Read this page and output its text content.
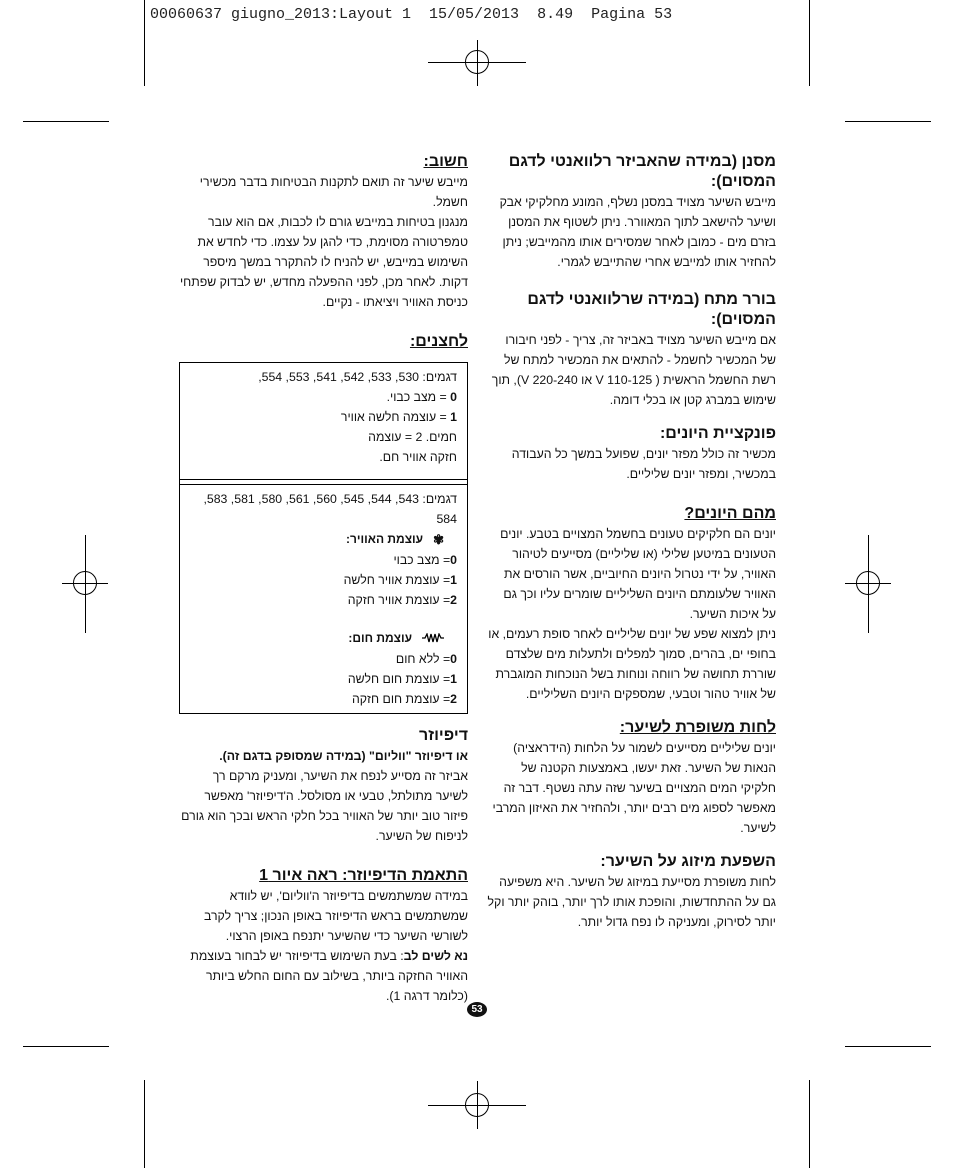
00060637 giugno_2013:Layout 1  15/05/2013  8.49  Pagina 53

מסנן (במידה שהאביזר רלוואנטי לדגם המסוים):

מייבש השיער מצויד במסנן נשלף, המונע מחלקיקי אבק ושיער להישאב לתוך המאוורר. ניתן לשטוף את המסנן בזרם מים - כמובן לאחר שמסירים אותו מהמייבש; ניתן להחזיר אותו למייבש אחרי שהתייבש לגמרי.

בורר מתח (במידה שרלוואנטי לדגם המסוים):

אם מייבש השיער מצויד באביזר זה, צריך - לפני חיבורו של המכשיר לחשמל - להתאים את המכשיר למתח של רשת החשמל הראשית ( 110-125 V או 220-240 V), תוך שימוש במברג קטן או בכלי דומה.

פונקציית היונים:

מכשיר זה כולל מפזר יונים, שפועל במשך כל העבודה במכשיר, ומפזר יונים שליליים.

מהם היונים?

יונים הם חלקיקים טעונים בחשמל המצויים בטבע. יונים הטעונים במיטען שלילי (או שליליים) מסייעים לטיהור האוויר, על ידי נטרול היונים החיוביים, אשר הורסים את האוויר שלעומתם היונים השליליים שומרים עליו וכך גם על איכות השיער.

ניתן למצוא שפע של יונים שליליים לאחר סופת רעמים, או בחופי ים, בהרים, סמוך למפלים ולתעלות מים שלצדם שוררת תחושה של רווחה ונוחות בשל הנוכחות המוגברת של אוויר טהור וטבעי, שמספקים היונים השליליים.

לחות משופרת לשיער:

יונים שליליים מסייעים לשמור על הלחות (הידראציה) הנאות של השיער. זאת יעשו, באמצעות הקטנה של חלקיקי המים המצויים בשיער שזה עתה נשטף. דבר זה מאפשר לספוג מים רבים יותר, ולהחזיר את האיזון המרבי לשיער.

השפעת מיזוג על השיער:

לחות משופרת מסייעת במיזוג של השיער. היא משפיעה גם על ההתחדשות, והופכת אותו לרך יותר, בוהק יותר וקל יותר לסירוק, ומעניקה לו נפח גדול יותר.

חשוב:

מייבש שיער זה תואם לתקנות הבטיחות בדבר מכשירי חשמל.

מנגנון בטיחות במייבש גורם לו לכבות, אם הוא עובר טמפרטורה מסוימת, כדי להגן על עצמו. כדי לחדש את השימוש במייבש, יש להניח לו להתקרר במשך מיספר דקות. לאחר מכן, לפני ההפעלה מחדש, יש לבדוק שפתחי כניסת האוויר ויציאתו - נקיים.

לחצנים:

דגמים: 530, 533, 542, 541, 553, 554,

0 = מצב כבוי.

1 = עוצמה חלשה אוויר

חמים. 2 = עוצמה

חזקה אוויר חם.

דגמים: 543, 544, 545, 560, 561, 580, 581, 583, 584

✾עוצמת האוויר:

0= מצב כבוי

1= עוצמת אוויר חלשה

2= עוצמת אוויר חזקה

עוצמת חום:

0= ללא חום

1= עוצמת חום חלשה

2= עוצמת חום חזקה

דיפיוזר

או דיפיוזר "ווליום" (במידה שמסופק בדגם זה).

אביזר זה מסייע לנפח את השיער, ומעניק מרקם רך לשיער מתולתל, טבעי או מסולסל. ה'דיפיוזר' מאפשר פיזור טוב יותר של האוויר בכל חלקי הראש ובכך הוא גורם לניפוח של השיער.

התאמת הדיפיוזר: ראה איור 1

במידה שמשתמשים בדיפיוזר ה'ווליום', יש לוודא שמשתמשים בראש הדיפיוזר באופן הנכון; צריך לקרב לשורשי השיער כדי שהשיער יתנפח באופן הרצוי.

נא לשים לב: בעת השימוש בדיפיוזר יש לבחור בעוצמת האוויר החזקה ביותר, בשילוב עם החום החלש ביותר (כלומר דרגה 1).

53
